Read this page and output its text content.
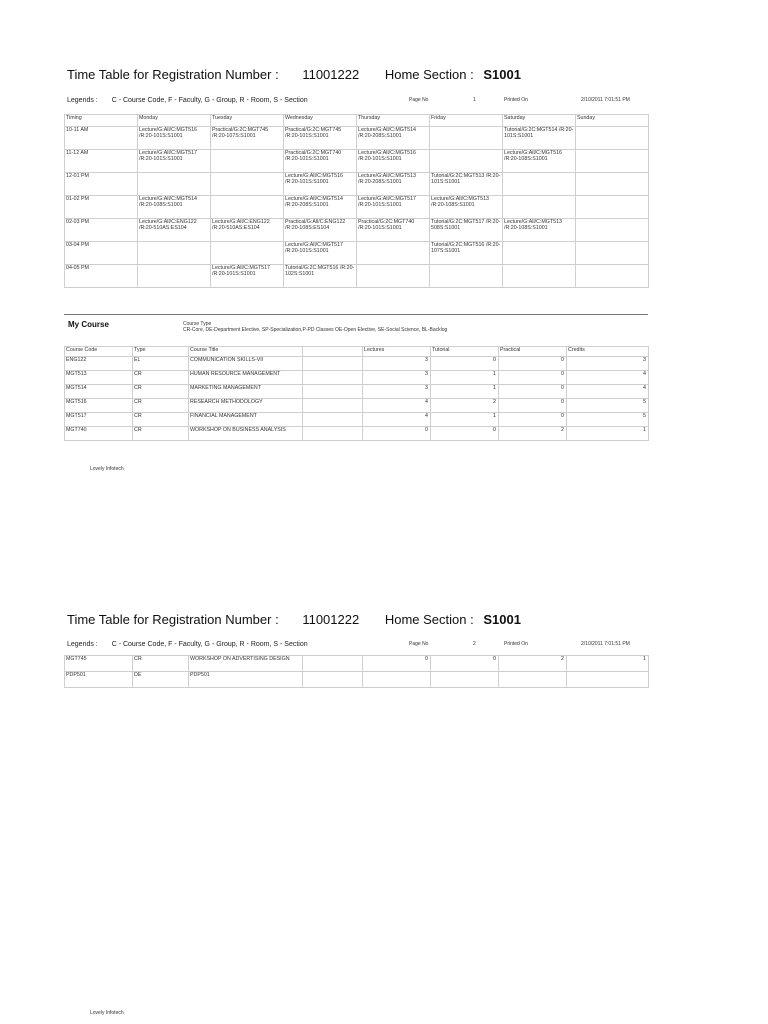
Time Table for Registration Number : 11001222 Home Section : S1001
Legends : C - Course Code, F - Faculty, G - Group, R - Room, S - Section	Page No	1	Printed On	2/10/2011 7:01:51 PM
Timing	Monday	Tuesday	Wednesday	Thursday	Friday	Saturday	Sunday
10-11 AM	Lecture/G:All/C:MGT516 /R:20-101S:S1001	Practical/G:2C:MGT745 /R:20-107S:S1001	Practical/G:2C:MGT745 /R:20-101S:S1001	Lecture/G:All/C:MGT514 /R:20-208S:S1001		Tutorial/G:2C:MGT514 /R:20-101S:S1001	
11-12 AM	Lecture/G:All/C:MGT517 /R:20-101S:S1001		Practical/G:2C:MGT740 /R:20-101S:S1001	Lecture/G:All/C:MGT516 /R:20-101S:S1001		Lecture/G:All/C:MGT516 /R:20-108S:S1001	
12-01 PM			Lecture/G:All/C:MGT516 /R:20-101S:S1001	Lecture/G:All/C:MGT513 /R:20-208S:S1001	Tutorial/G:2C:MGT513 /R:20-101S:S1001		
01-02 PM	Lecture/G:All/C:MGT514 /R:20-108S:S1001		Lecture/G:All/C:MGT514 /R:20-208S:S1001	Lecture/G:All/C:MGT517 /R:20-101S:S1001	Lecture/G:All/C:MGT513 /R:20-108S:S1001		
02-03 PM	Lecture/G:All/C:ENG122 /R:20-510AS:ES104	Lecture/G:All/C:ENG122 /R:20-510AS:ES104	Practical/G:All/C:ENG122 /R:20-108S:ES104	Practical/G:2C:MGT740 /R:20-101S:S1001	Tutorial/G:2C:MGT517 /R:20-508S:S1001	Lecture/G:All/C:MGT513 /R:20-108S:S1001	
03-04 PM			Lecture/G:All/C:MGT517 /R:20-101S:S1001		Tutorial/G:2C:MGT516 /R:20-107S:S1001		
04-05 PM		Lecture/G:All/C:MGT517 /R:20-101S:S1001	Tutorial/G:2C:MGT516 /R:20-102S:S1001				
My Course	Course Type
CR-Core, DE-Department Elective, SP-Specialization,P-PD Classes OE-Open Elective, SE-Social Science, BL-Backlog
Course Code	Type	Course Title		Lectures	Tutorial	Practical	Credits
ENG122	EL	COMMUNICATION SKILLS-VII		3	0	0	3
MGT513	CR	HUMAN RESOURCE MANAGEMENT		3	1	0	4
MGT514	CR	MARKETING MANAGEMENT		3	1	0	4
MGT516	CR	RESEARCH METHODOLOGY		4	2	0	5
MGT517	CR	FINANCIAL MANAGEMENT		4	1	0	5
MGT740	CR	WORKSHOP ON BUSINESS ANALYSIS		0	0	2	1
Lovely Infotech
Time Table for Registration Number : 11001222 Home Section : S1001
Legends : C - Course Code, F - Faculty, G - Group, R - Room, S - Section	Page No	2	Printed On	2/10/2011 7:01:51 PM
MGT745	CR	WORKSHOP ON ADVERTISING DESIGN		0	0	2	1
PDP501	DE	PDP501					
Lovely Infotech
